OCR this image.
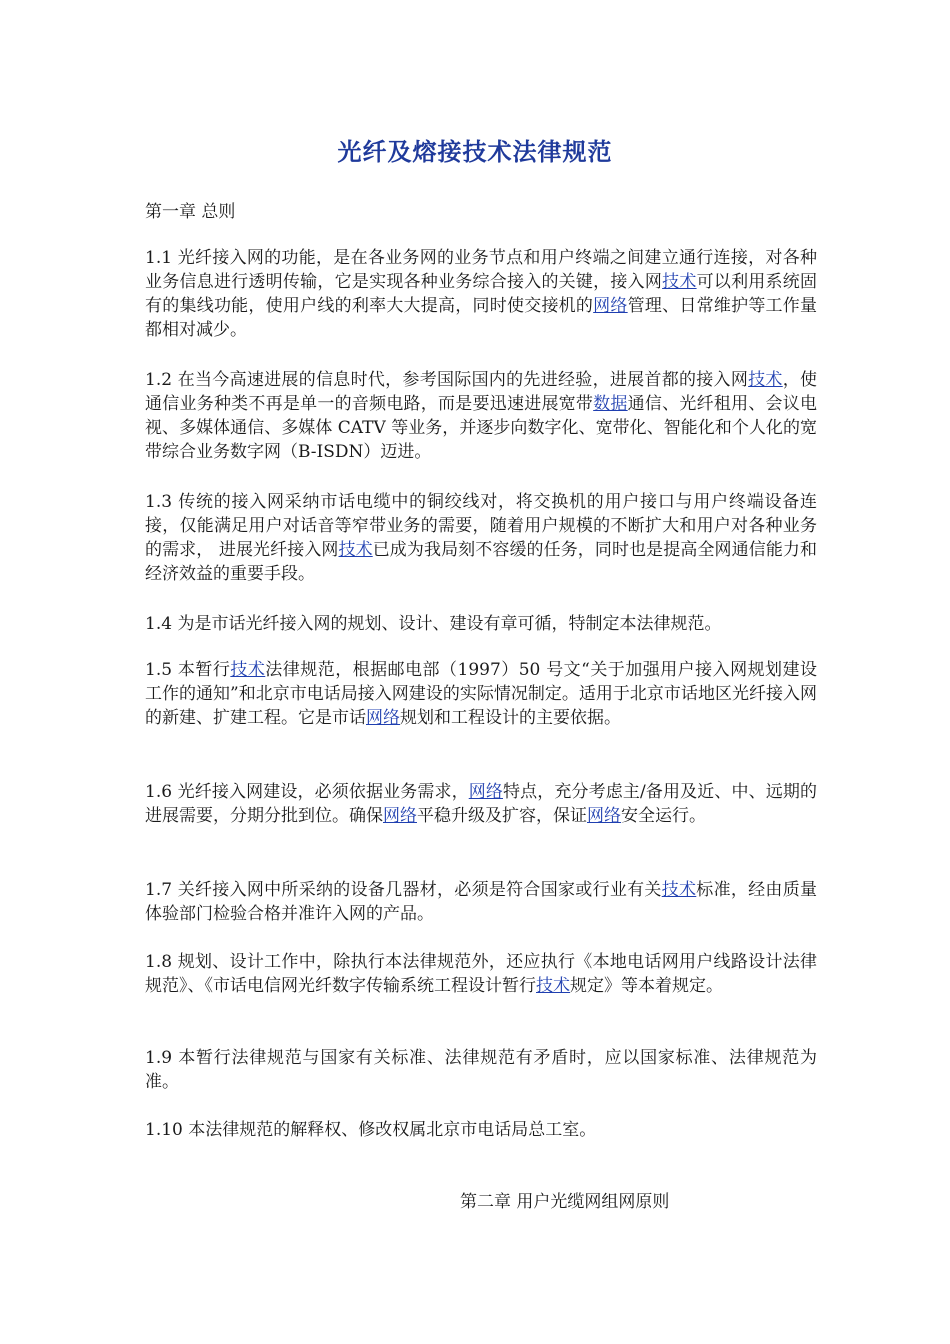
光纤及熔接技术法律规范
第一章 总则
1.1 光纤接入网的功能，是在各业务网的业务节点和用户终端之间建立通行连接，对各种业务信息进行透明传输，它是实现各种业务综合接入的关键，接入网技术可以利用系统固有的集线功能，使用户线的利率大大提高，同时使交接机的网络管理、日常维护等工作量都相对减少。
1.2 在当今高速进展的信息时代，参考国际国内的先进经验，进展首都的接入网技术，使通信业务种类不再是单一的音频电路，而是要迅速进展宽带数据通信、光纤租用、会议电视、多媒体通信、多媒体 CATV 等业务，并逐步向数字化、宽带化、智能化和个人化的宽带综合业务数字网（B-ISDN）迈进。
1.3 传统的接入网采纳市话电缆中的铜绞线对，将交换机的用户接口与用户终端设备连接，仅能满足用户对话音等窄带业务的需要，随着用户规模的不断扩大和用户对各种业务的需求， 进展光纤接入网技术已成为我局刻不容缓的任务，同时也是提高全网通信能力和经济效益的重要手段。
1.4 为是市话光纤接入网的规划、设计、建设有章可循，特制定本法律规范。
1.5 本暂行技术法律规范，根据邮电部（1997）50 号文“关于加强用户接入网规划建设工作的通知”和北京市电话局接入网建设的实际情况制定。适用于北京市话地区光纤接入网的新建、扩建工程。它是市话网络规划和工程设计的主要依据。
1.6 光纤接入网建设，必须依据业务需求，网络特点，充分考虑主/备用及近、中、远期的进展需要，分期分批到位。确保网络平稳升级及扩容，保证网络安全运行。
1.7 关纤接入网中所采纳的设备几器材，必须是符合国家或行业有关技术标准，经由质量体验部门检验合格并准许入网的产品。
1.8 规划、设计工作中，除执行本法律规范外，还应执行《本地电话网用户线路设计法律规范》、《市话电信网光纤数字传输系统工程设计暂行技术规定》等本着规定。
1.9 本暂行法律规范与国家有关标准、法律规范有矛盾时，应以国家标准、法律规范为准。
1.10 本法律规范的解释权、修改权属北京市电话局总工室。
第二章 用户光缆网组网原则
